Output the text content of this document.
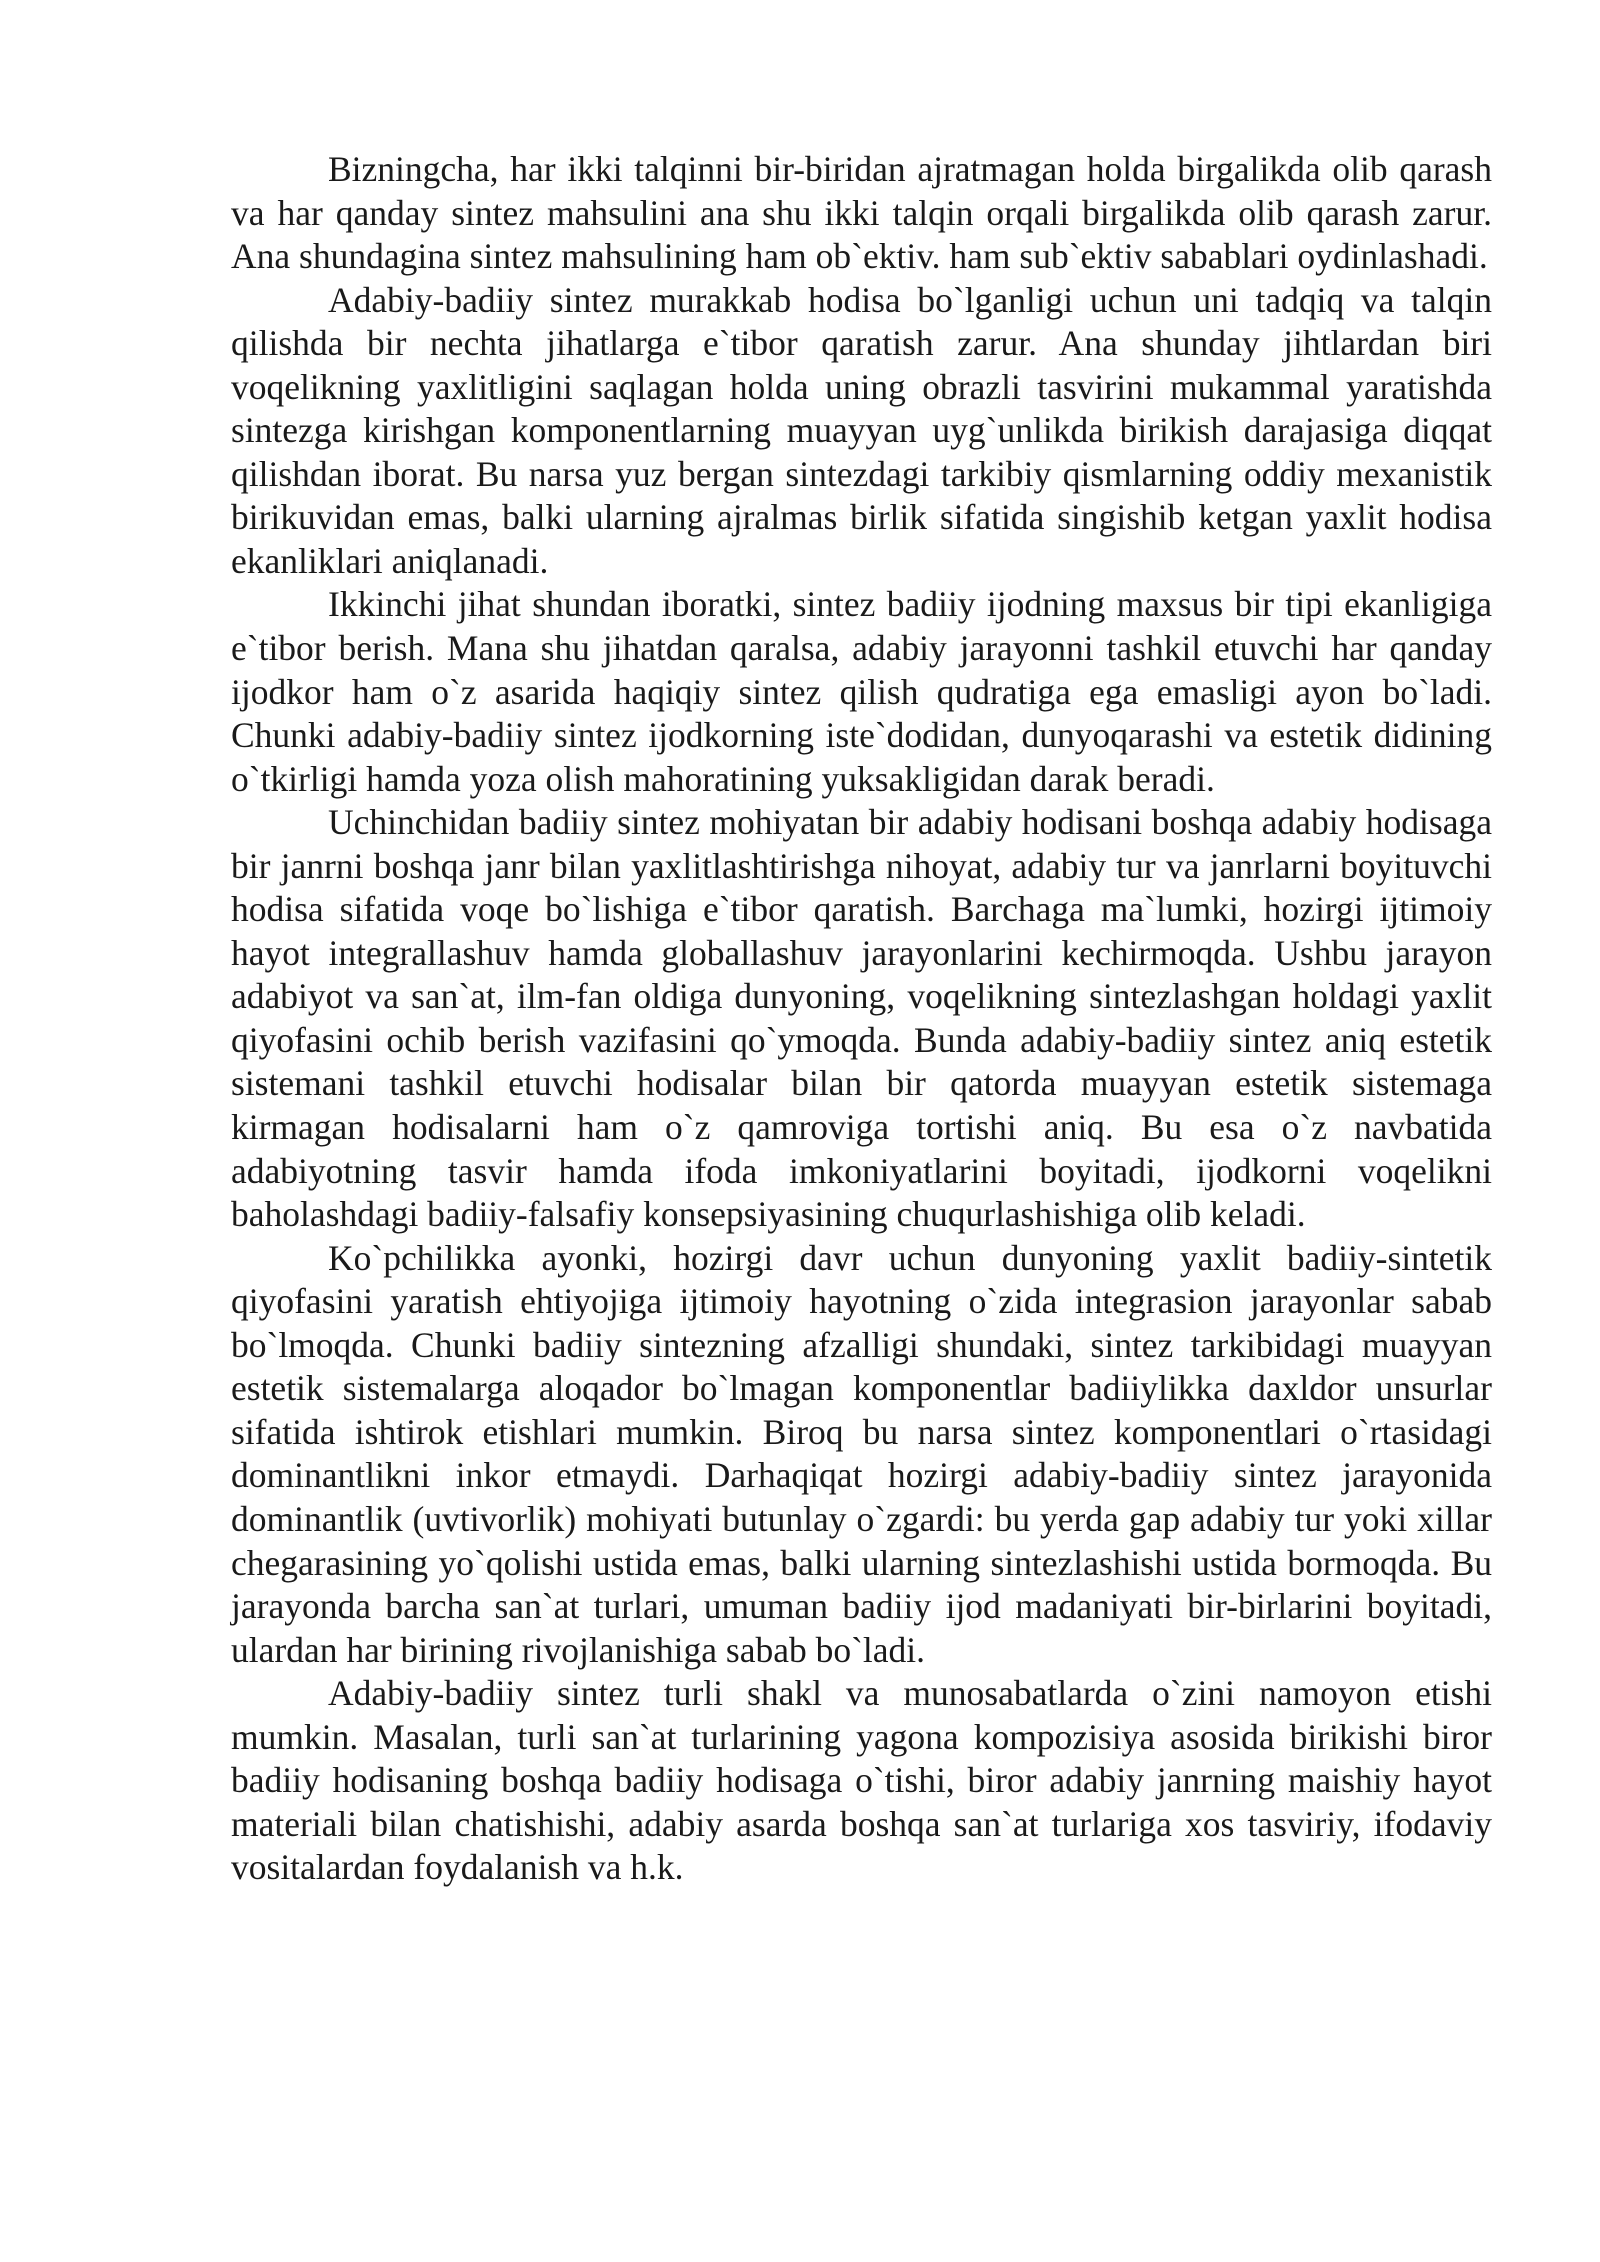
Bizningcha, har ikki talqinni bir-biridan ajratmagan holda birgalikda olib qarash va har qanday sintez mahsulini ana shu ikki talqin orqali birgalikda olib qarash zarur. Ana shundagina sintez mahsulining ham ob`ektiv. ham sub`ektiv sabablari oydinlashadi.

Adabiy-badiiy sintez murakkab hodisa bo`lganligi uchun uni tadqiq va talqin qilishda bir nechta jihatlarga e`tibor qaratish zarur. Ana shunday jihtlardan biri voqelikning yaxlitligini saqlagan holda uning obrazli tasvirini mukammal yaratishda sintezga kirishgan komponentlarning muayyan uyg`unlikda birikish darajasiga diqqat qilishdan iborat. Bu narsa yuz bergan sintezdagi tarkibiy qismlarning oddiy mexanistik birikuvidan emas, balki ularning ajralmas birlik sifatida singishib ketgan yaxlit hodisa ekanliklari aniqlanadi.

Ikkinchi jihat shundan iboratki, sintez badiiy ijodning maxsus bir tipi ekanligiga e`tibor berish. Mana shu jihatdan qaralsa, adabiy jarayonni tashkil etuvchi har qanday ijodkor ham o`z asarida haqiqiy sintez qilish qudratiga ega emasligi ayon bo`ladi. Chunki adabiy-badiiy sintez ijodkorning iste`dodidan, dunyoqarashi va estetik didining o`tkirligi hamda yoza olish mahoratining yuksakligidan darak beradi.

Uchinchidan badiiy sintez mohiyatan bir adabiy hodisani boshqa adabiy hodisaga bir janrni boshqa janr bilan yaxlitlashtirishga nihoyat, adabiy tur va janrlarni boyituvchi hodisa sifatida voqe bo`lishiga e`tibor qaratish. Barchaga ma`lumki, hozirgi ijtimoiy hayot integrallashuv hamda globallashuv jarayonlarini kechirmoqda. Ushbu jarayon adabiyot va san`at, ilm-fan oldiga dunyoning, voqelikning sintezlashgan holdagi yaxlit qiyofasini ochib berish vazifasini qo`ymoqda. Bunda adabiy-badiiy sintez aniq estetik sistemani tashkil etuvchi hodisalar bilan bir qatorda muayyan estetik sistemaga kirmagan hodisalarni ham o`z qamroviga tortishi aniq. Bu esa o`z navbatida adabiyotning tasvir hamda ifoda imkoniyatlarini boyitadi, ijodkorni voqelikni baholashdagi badiiy-falsafiy konsepsiyasining chuqurlashishiga olib keladi.

Ko`pchilikka ayonki, hozirgi davr uchun dunyoning yaxlit badiiy-sintetik qiyofasini yaratish ehtiyojiga ijtimoiy hayotning o`zida integrasion jarayonlar sabab bo`lmoqda. Chunki badiiy sintezning afzalligi shundaki, sintez tarkibidagi muayyan estetik sistemalarga aloqador bo`lmagan komponentlar badiiylikka daxldor unsurlar sifatida ishtirok etishlari mumkin. Biroq bu narsa sintez komponentlari o`rtasidagi dominantlikni inkor etmaydi. Darhaqiqat hozirgi adabiy-badiiy sintez jarayonida dominantlik (uvtivorlik) mohiyati butunlay o`zgardi: bu yerda gap adabiy tur yoki xillar chegarasining yo`qolishi ustida emas, balki ularning sintezlashishi ustida bormoqda. Bu jarayonda barcha san`at turlari, umuman badiiy ijod madaniyati bir-birlarini boyitadi, ulardan har birining rivojlanishiga sabab bo`ladi.

Adabiy-badiiy sintez turli shakl va munosabatlarda o`zini namoyon etishi mumkin. Masalan, turli san`at turlarining yagona kompozisiya asosida birikishi biror badiiy hodisaning boshqa badiiy hodisaga o`tishi, biror adabiy janrning maishiy hayot materiali bilan chatishishi, adabiy asarda boshqa san`at turlariga xos tasviriy, ifodaviy vositalardan foydalanish va h.k.
